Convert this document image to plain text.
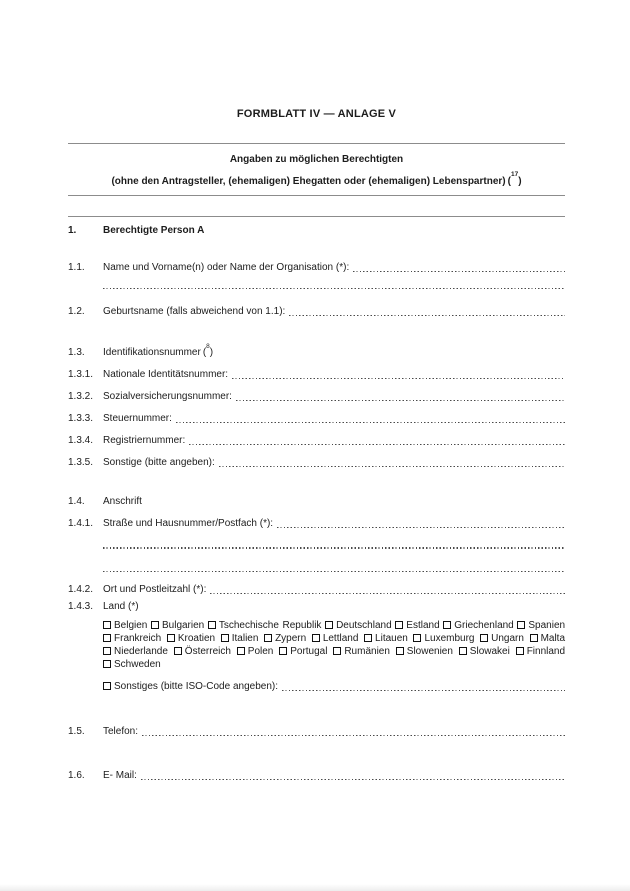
FORMBLATT IV — ANLAGE V
Angaben zu möglichen Berechtigten
(ohne den Antragsteller, (ehemaligen) Ehegatten oder (ehemaligen) Lebenspartner) ($^{17}$)
1.	Berechtigte Person A
1.1.	Name und Vorname(n) oder Name der Organisation (*):
1.2.	Geburtsname (falls abweichend von 1.1):
1.3.	Identifikationsnummer ($^8$)
1.3.1. Nationale Identitätsnummer:
1.3.2. Sozialversicherungsnummer:
1.3.3. Steuernummer:
1.3.4. Registriernummer:
1.3.5. Sonstige (bitte angeben):
1.4.	Anschrift
1.4.1. Straße und Hausnummer/Postfach (*):
1.4.2. Ort und Postleitzahl (*):
1.4.3. Land (*)
Belgien Bulgarien Tschechische Republik Deutschland Estland Griechenland Spanien Frankreich Kroatien Italien Zypern Lettland Litauen Luxemburg Ungarn Malta Niederlande Österreich Polen Portugal Rumänien Slowenien Slowakei Finnland Schweden
Sonstiges (bitte ISO-Code angeben):
1.5.	Telefon:
1.6.	E- Mail:
